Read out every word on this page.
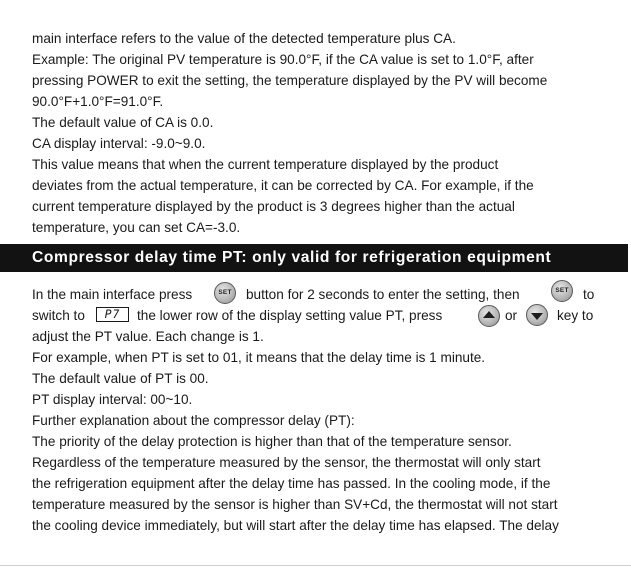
main interface refers to the value of the detected temperature plus CA.
Example: The original PV temperature is 90.0°F, if the CA value is set to 1.0°F, after
pressing POWER to exit the setting, the temperature displayed by the PV will become
90.0°F+1.0°F=91.0°F.
The default value of CA is 0.0.
CA display interval: -9.0~9.0.
This value means that when the current temperature displayed by the product
deviates from the actual temperature, it can be corrected by CA. For example, if the
current temperature displayed by the product is 3 degrees higher than the actual
temperature, you can set CA=-3.0.
Compressor delay time PT: only valid for refrigeration equipment
In the main interface press	SET button for 2 seconds to enter the setting, then	SET to
switch to	P7	the lower row of the display setting value PT, press	or	key to
adjust the PT value. Each change is 1.
For example, when PT is set to 01, it means that the delay time is 1 minute.
The default value of PT is 00.
PT display interval: 00~10.
Further explanation about the compressor delay (PT):
The priority of the delay protection is higher than that of the temperature sensor.
Regardless of the temperature measured by the sensor, the thermostat will only start
the refrigeration equipment after the delay time has passed. In the cooling mode, if the
temperature measured by the sensor is higher than SV+Cd, the thermostat will not start
the cooling device immediately, but will start after the delay time has elapsed. The delay
